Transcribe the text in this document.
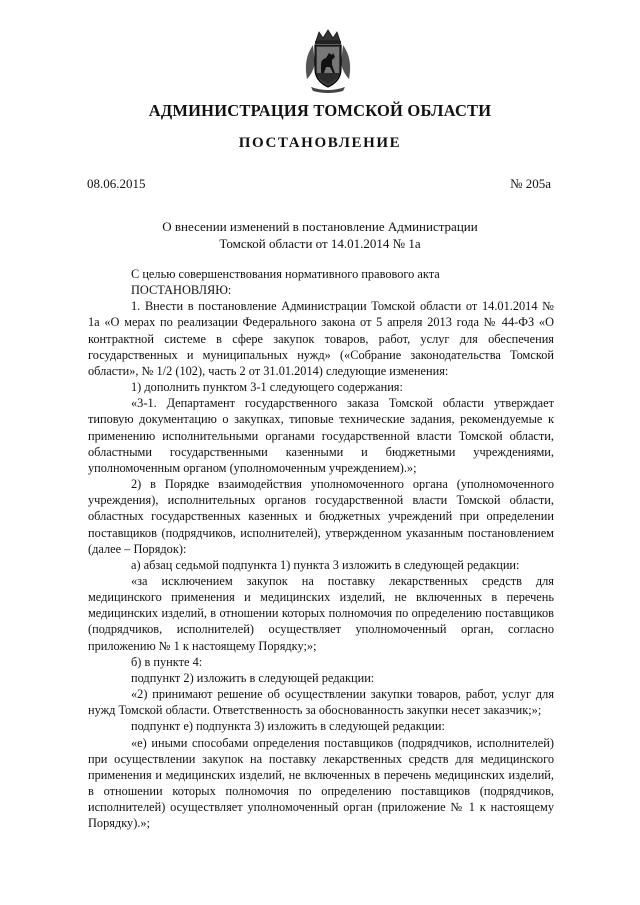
АДМИНИСТРАЦИЯ ТОМСКОЙ ОБЛАСТИ
ПОСТАНОВЛЕНИЕ
08.06.2015	№ 205а
О внесении изменений в постановление Администрации
Томской области от 14.01.2014 № 1а

С целью совершенствования нормативного правового акта

ПОСТАНОВЛЯЮ:

1. Внести в постановление Администрации Томской области от 14.01.2014 № 1а «О мерах по реализации Федерального закона от 5 апреля 2013 года № 44-ФЗ «О контрактной системе в сфере закупок товаров, работ, услуг для обеспечения государственных и муниципальных нужд» («Собрание законодательства Томской области», № 1/2 (102), часть 2 от 31.01.2014) следующие изменения:

1) дополнить пунктом 3-1 следующего содержания:

«3-1. Департамент государственного заказа Томской области утверждает типовую документацию о закупках, типовые технические задания, рекомендуемые к применению исполнительными органами государственной власти Томской области, областными государственными казенными и бюджетными учреждениями, уполномоченным органом (уполномоченным учреждением).»;

2) в Порядке взаимодействия уполномоченного органа (уполномоченного учреждения), исполнительных органов государственной власти Томской области, областных государственных казенных и бюджетных учреждений при определении поставщиков (подрядчиков, исполнителей), утвержденном указанным постановлением (далее – Порядок):

а) абзац седьмой подпункта 1) пункта 3 изложить в следующей редакции:

«за исключением закупок на поставку лекарственных средств для медицинского применения и медицинских изделий, не включенных в перечень медицинских изделий, в отношении которых полномочия по определению поставщиков (подрядчиков, исполнителей) осуществляет уполномоченный орган, согласно приложению № 1 к настоящему Порядку;»;

б) в пункте 4:

подпункт 2) изложить в следующей редакции:

«2) принимают решение об осуществлении закупки товаров, работ, услуг для нужд Томской области. Ответственность за обоснованность закупки несет заказчик;»;

подпункт е) подпункта 3) изложить в следующей редакции:

«е) иными способами определения поставщиков (подрядчиков, исполнителей) при осуществлении закупок на поставку лекарственных средств для медицинского применения и медицинских изделий, не включенных в перечень медицинских изделий, в отношении которых полномочия по определению поставщиков (подрядчиков, исполнителей) осуществляет уполномоченный орган (приложение № 1 к настоящему Порядку).»;
